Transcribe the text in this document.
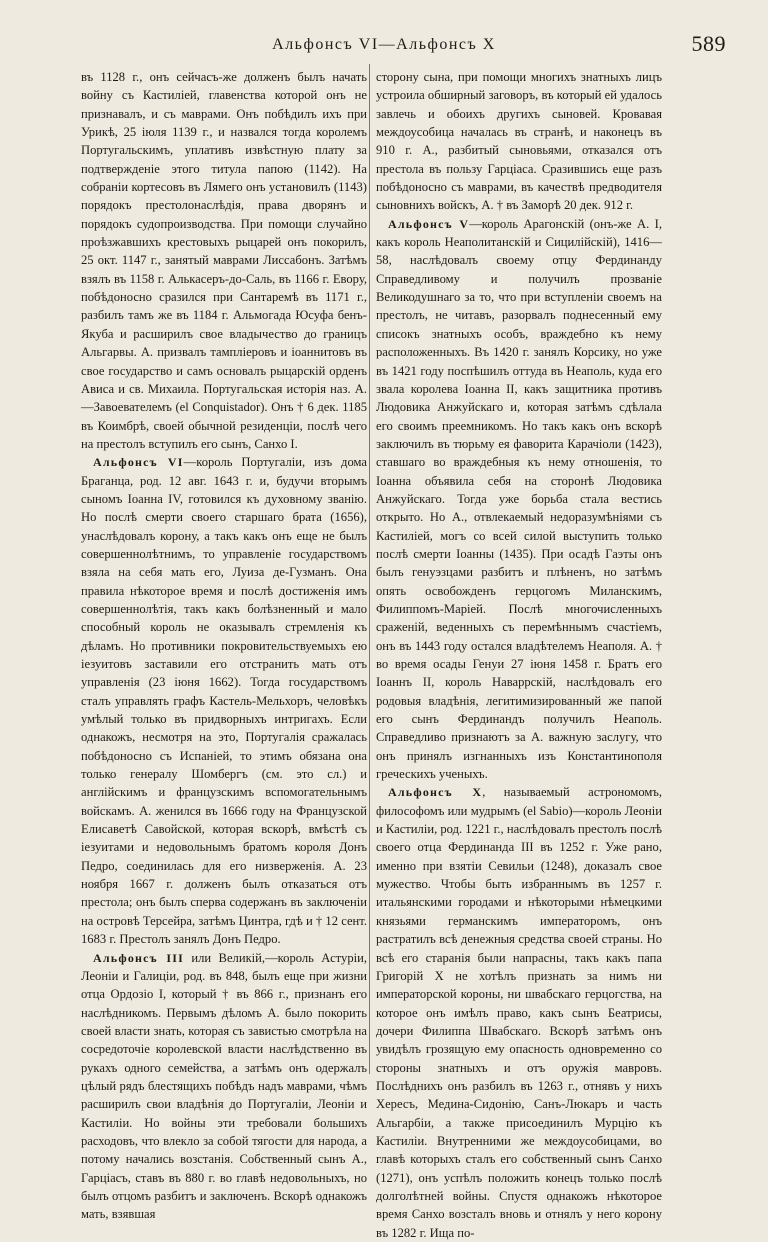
Альфонсъ VI—Альфонсъ X	589

въ 1128 г., онъ сейчасъ-же долженъ былъ начать войну съ Кастиліей, главенства которой онъ не признавалъ, и съ маврами. Онъ побѣдилъ ихъ при Урикѣ, 25 іюля 1139 г., и назвался тогда королемъ Португальскимъ, уплативъ извѣстную плату за подтвержденіе этого титула папою (1142). На собраніи кортесовъ въ Лямего онъ установилъ (1143) порядокъ престолонаслѣдія, права дворянъ и порядокъ судопроизводства. При помощи случайно проѣзжавшихъ крестовыхъ рыцарей онъ покорилъ, 25 окт. 1147 г., занятый маврами Лиссабонъ. Затѣмъ взялъ въ 1158 г. Алькасеръ-до-Саль, въ 1166 г. Евору, побѣдоносно сразился при Сантаремѣ въ 1171 г., разбилъ тамъ же въ 1184 г. Альмогада Юсуфа бенъ-Якуба и расширилъ свое владычество до границъ Альгарвы. А. призвалъ тампліеровъ и іоаннитовъ въ свое государство и самъ основалъ рыцарскій орденъ Ависа и св. Михаила. Португальская исторія наз. А.—Завоевателемъ (el Conquistador). Онъ † 6 дек. 1185 въ Коимбрѣ, своей обычной резиденціи, послѣ чего на престолъ вступилъ его сынъ, Санхо I.

Альфонсъ VI—король Португаліи, изъ дома Браганца, род. 12 авг. 1643 г. и, будучи вторымъ сыномъ Іоанна IV, готовился къ духовному званію. Но послѣ смерти своего старшаго брата (1656), унаслѣдовалъ корону, а такъ какъ онъ еще не былъ совершеннолѣтнимъ, то управленіе государствомъ взяла на себя мать его, Луиза де-Гузманъ. Она правила нѣкоторое время и послѣ достиженія имъ совершеннолѣтія, такъ какъ болѣзненный и мало способный король не оказывалъ стремленія къ дѣламъ. Но противники покровительствуемыхъ ею іезуитовъ заставили его отстранить мать отъ управленія (23 іюня 1662). Тогда государствомъ сталъ управлять графъ Кастель-Мельхоръ, человѣкъ умѣлый только въ придворныхъ интригахъ. Если однакожъ, несмотря на это, Португалія сражалась побѣдоносно съ Испаніей, то этимъ обязана она только генералу Шомбергъ (см. это сл.) и англійскимъ и французскимъ вспомогательнымъ войскамъ. А. женился въ 1666 году на Французской Елисаветѣ Савойской, которая вскорѣ, вмѣстѣ съ іезуитами и недовольнымъ братомъ короля Донъ Педро, соединилась для его низверженія. А. 23 ноября 1667 г. долженъ былъ отказаться отъ престола; онъ былъ сперва содержанъ въ заключеніи на островѣ Терсейра, затѣмъ Цинтра, гдѣ и † 12 сент. 1683 г. Престолъ занялъ Донъ Педро.

Альфонсъ III или Великій,—король Астуріи, Леоніи и Галиціи, род. въ 848, былъ еще при жизни отца Ордозіо I, который † въ 866 г., признанъ его наслѣдникомъ. Первымъ дѣломъ А. было покорить своей власти знать, которая съ завистью смотрѣла на сосредоточіе королевской власти наслѣдственно въ рукахъ одного семейства, а затѣмъ онъ одержалъ цѣлый рядъ блестящихъ побѣдъ надъ маврами, чѣмъ расширилъ свои владѣнія до Португаліи, Леоніи и Кастиліи. Но войны эти требовали большихъ расходовъ, что влекло за собой тягости для народа, а потому начались возстанія. Собственный сынъ А., Гарціасъ, ставъ въ 880 г. во главѣ недовольныхъ, но былъ отцомъ разбитъ и заключенъ. Вскорѣ однакожъ мать, взявшая

сторону сына, при помощи многихъ знатныхъ лицъ устроила обширный заговоръ, въ который ей удалось завлечь и обоихъ другихъ сыновей. Кровавая междоусобица началась въ странѣ, и наконецъ въ 910 г. А., разбитый сыновьями, отказался отъ престола въ пользу Гарціаса. Сразившись еще разъ побѣдоносно съ маврами, въ качествѣ предводителя сыновнихъ войскъ, А. † въ Заморѣ 20 дек. 912 г.

Альфонсъ V—король Арагонскій (онъ-же А. I, какъ король Неаполитанскій и Сицилійскій), 1416—58, наслѣдовалъ своему отцу Фердинанду Справедливому и получилъ прозваніе Великодушнаго за то, что при вступленіи своемъ на престолъ, не читавъ, разорвалъ поднесенный ему списокъ знатныхъ особъ, враждебно къ нему расположенныхъ. Въ 1420 г. занялъ Корсику, но уже въ 1421 году поспѣшилъ оттуда въ Неаполь, куда его звала королева Іоанна II, какъ защитника противъ Людовика Анжуйскаго и, которая затѣмъ сдѣлала его своимъ преемникомъ. Но такъ какъ онъ вскорѣ заключилъ въ тюрьму ея фаворита Карачіоли (1423), ставшаго во враждебныя къ нему отношенія, то Іоанна объявила себя на сторонѣ Людовика Анжуйскаго. Тогда уже борьба стала вестись открыто. Но А., отвлекаемый недоразумѣніями съ Кастиліей, могъ со всей силой выступить только послѣ смерти Іоанны (1435). При осадѣ Гаэты онъ былъ генуэзцами разбитъ и плѣненъ, но затѣмъ опять освобожденъ герцогомъ Миланскимъ, Филиппомъ-Маріей. Послѣ многочисленныхъ сраженій, веденныхъ съ перемѣннымъ счастіемъ, онъ въ 1443 году остался владѣтелемъ Неаполя. А. † во время осады Генуи 27 іюня 1458 г. Братъ его Іоаннъ II, король Наваррскій, наслѣдовалъ его родовыя владѣнія, легитимизированный же папой его сынъ Фердинандъ получилъ Неаполь. Справедливо признаютъ за А. важную заслугу, что онъ принялъ изгнанныхъ изъ Константинополя греческихъ ученыхъ.

Альфонсъ X, называемый астрономомъ, философомъ или мудрымъ (el Sabio)—король Леоніи и Кастиліи, род. 1221 г., наслѣдовалъ престолъ послѣ своего отца Фердинанда III въ 1252 г. Уже рано, именно при взятіи Севильи (1248), доказалъ свое мужество. Чтобы быть избраннымъ въ 1257 г. итальянскими городами и нѣкоторыми нѣмецкими князьями германскимъ императоромъ, онъ растратилъ всѣ денежныя средства своей страны. Но всѣ его старанія были напрасны, такъ какъ папа Григорій X не хотѣлъ признать за нимъ ни императорской короны, ни швабскаго герцогства, на которое онъ имѣлъ право, какъ сынъ Беатрисы, дочери Филиппа Швабскаго. Вскорѣ затѣмъ онъ увидѣлъ грозящую ему опасность одновременно со стороны знатныхъ и отъ оружія мавровъ. Послѣднихъ онъ разбилъ въ 1263 г., отнявъ у нихъ Хересъ, Медина-Сидонію, Санъ-Люкаръ и часть Альгарбіи, а также присоединилъ Мурцію къ Кастиліи. Внутренними же междоусобицами, во главѣ которыхъ сталъ его собственный сынъ Санхо (1271), онъ успѣлъ положить конецъ только послѣ долголѣтней войны. Спустя однакожъ нѣкоторое время Санхо возсталъ вновь и отнялъ у него корону въ 1282 г. Ища по-
